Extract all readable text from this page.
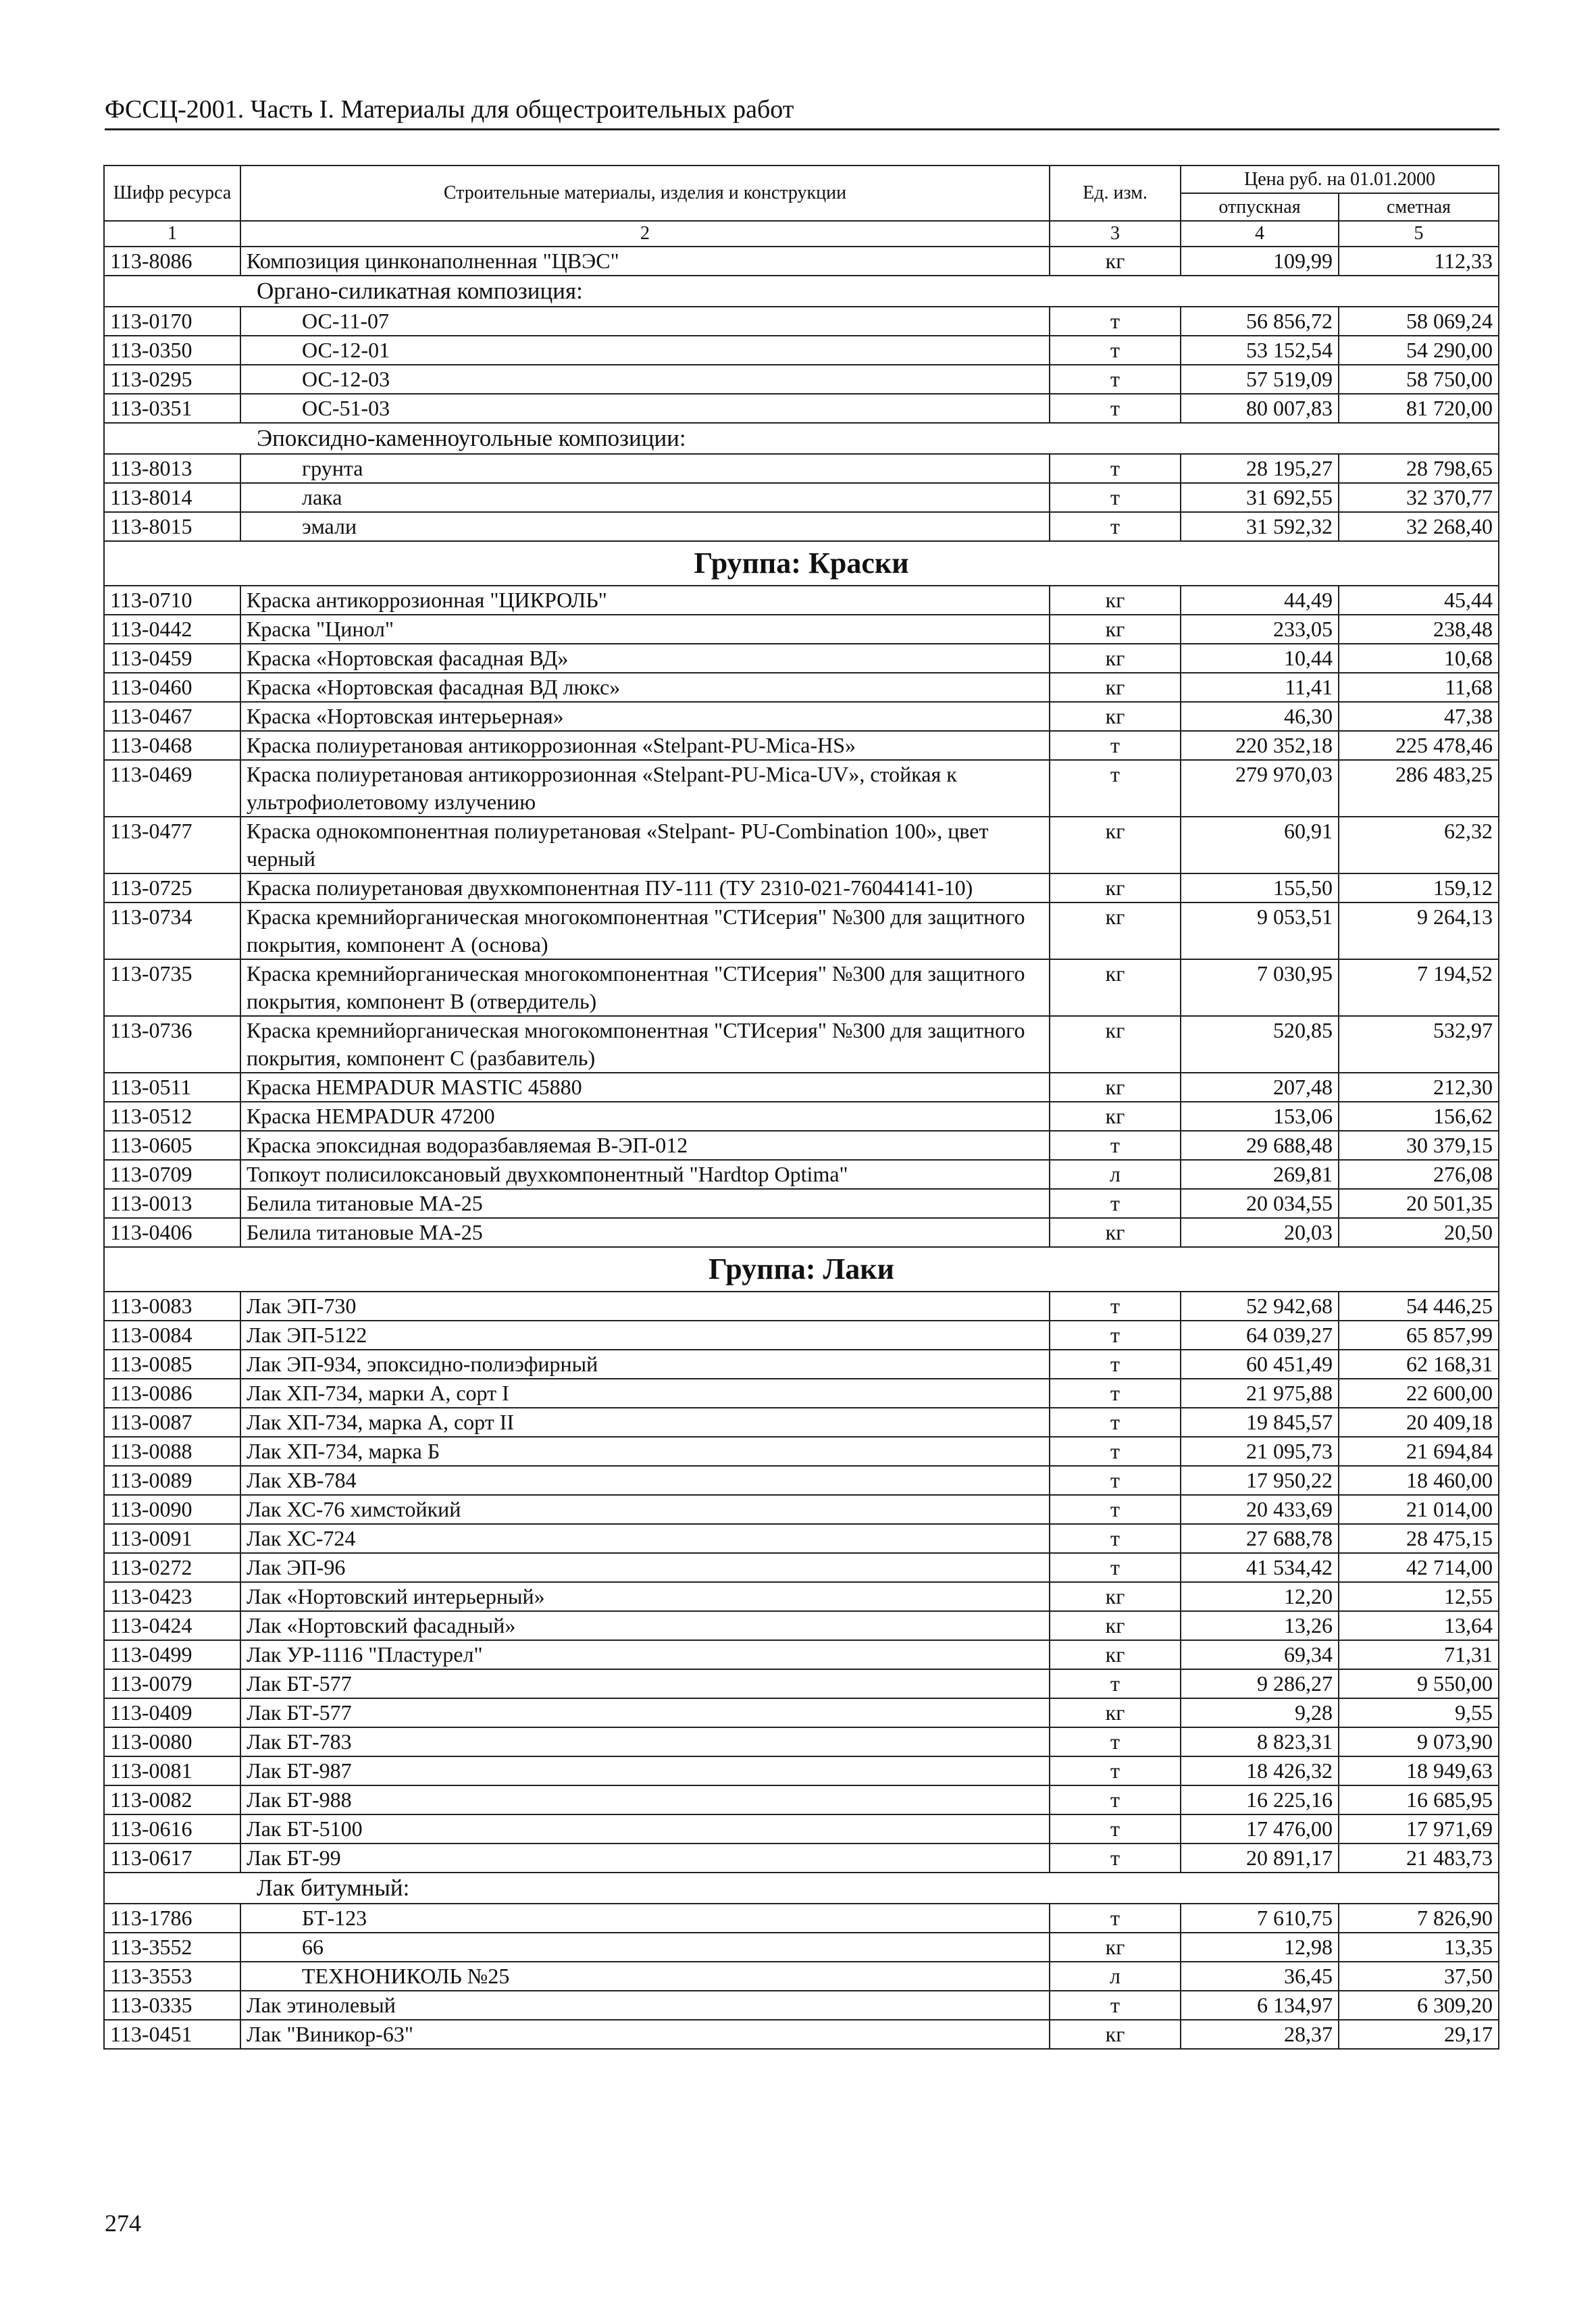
ФССЦ-2001. Часть I. Материалы для общестроительных работ
Шифр ресурса	Строительные материалы, изделия и конструкции	Ед. изм.	Цена руб. на 01.01.2000	
			отпускная	сметная
1	2	3	4	5
113-8086	Композиция цинконаполненная "ЦВЭС"	кг	109,99	112,33
Органо-силикатная композиция:				
113-0170	ОС-11-07	т	56 856,72	58 069,24
113-0350	ОС-12-01	т	53 152,54	54 290,00
113-0295	ОС-12-03	т	57 519,09	58 750,00
113-0351	ОС-51-03	т	80 007,83	81 720,00
Эпоксидно-каменноугольные композиции:				
113-8013	грунта	т	28 195,27	28 798,65
113-8014	лака	т	31 692,55	32 370,77
113-8015	эмали	т	31 592,32	32 268,40
Группа: Краски				
113-0710	Краска антикоррозионная "ЦИКРОЛЬ"	кг	44,49	45,44
113-0442	Краска "Цинол"	кг	233,05	238,48
113-0459	Краска «Нортовская фасадная ВД»	кг	10,44	10,68
113-0460	Краска «Нортовская фасадная ВД люкс»	кг	11,41	11,68
113-0467	Краска «Нортовская интерьерная»	кг	46,30	47,38
113-0468	Краска полиуретановая антикоррозионная «Stelpant-PU-Mica-HS»	т	220 352,18	225 478,46
113-0469	Краска полиуретановая антикоррозионная «Stelpant-PU-Mica-UV», стойкая к ультрофиолетовому излучению	т	279 970,03	286 483,25
113-0477	Краска однокомпонентная полиуретановая «Stelpant- PU-Combination 100», цвет черный	кг	60,91	62,32
113-0725	Краска полиуретановая двухкомпонентная ПУ-111 (ТУ 2310-021-76044141-10)	кг	155,50	159,12
113-0734	Краска кремнийорганическая многокомпонентная "СТИсерия" №300 для защитного покрытия, компонент А (основа)	кг	9 053,51	9 264,13
113-0735	Краска кремнийорганическая многокомпонентная "СТИсерия" №300 для защитного покрытия, компонент В (отвердитель)	кг	7 030,95	7 194,52
113-0736	Краска кремнийорганическая многокомпонентная "СТИсерия" №300 для защитного покрытия, компонент С (разбавитель)	кг	520,85	532,97
113-0511	Краска HEMPADUR MASTIC 45880	кг	207,48	212,30
113-0512	Краска HEMPADUR 47200	кг	153,06	156,62
113-0605	Краска эпоксидная водоразбавляемая В-ЭП-012	т	29 688,48	30 379,15
113-0709	Топкоут полисилоксановый двухкомпонентный "Hardtop Optima"	л	269,81	276,08
113-0013	Белила титановые МА-25	т	20 034,55	20 501,35
113-0406	Белила титановые МА-25	кг	20,03	20,50
Группа: Лаки				
113-0083	Лак ЭП-730	т	52 942,68	54 446,25
113-0084	Лак ЭП-5122	т	64 039,27	65 857,99
113-0085	Лак ЭП-934, эпоксидно-полиэфирный	т	60 451,49	62 168,31
113-0086	Лак ХП-734, марки А, сорт I	т	21 975,88	22 600,00
113-0087	Лак ХП-734, марка А, сорт II	т	19 845,57	20 409,18
113-0088	Лак ХП-734, марка Б	т	21 095,73	21 694,84
113-0089	Лак ХВ-784	т	17 950,22	18 460,00
113-0090	Лак ХС-76 химстойкий	т	20 433,69	21 014,00
113-0091	Лак ХС-724	т	27 688,78	28 475,15
113-0272	Лак ЭП-96	т	41 534,42	42 714,00
113-0423	Лак «Нортовский интерьерный»	кг	12,20	12,55
113-0424	Лак «Нортовский фасадный»	кг	13,26	13,64
113-0499	Лак УР-1116 "Пластурел"	кг	69,34	71,31
113-0079	Лак БТ-577	т	9 286,27	9 550,00
113-0409	Лак БТ-577	кг	9,28	9,55
113-0080	Лак БТ-783	т	8 823,31	9 073,90
113-0081	Лак БТ-987	т	18 426,32	18 949,63
113-0082	Лак БТ-988	т	16 225,16	16 685,95
113-0616	Лак БТ-5100	т	17 476,00	17 971,69
113-0617	Лак БТ-99	т	20 891,17	21 483,73
Лак битумный:				
113-1786	БТ-123	т	7 610,75	7 826,90
113-3552	66	кг	12,98	13,35
113-3553	ТЕХНОНИКОЛЬ №25	л	36,45	37,50
113-0335	Лак этинолевый	т	6 134,97	6 309,20
113-0451	Лак "Виникор-63"	кг	28,37	29,17
274
